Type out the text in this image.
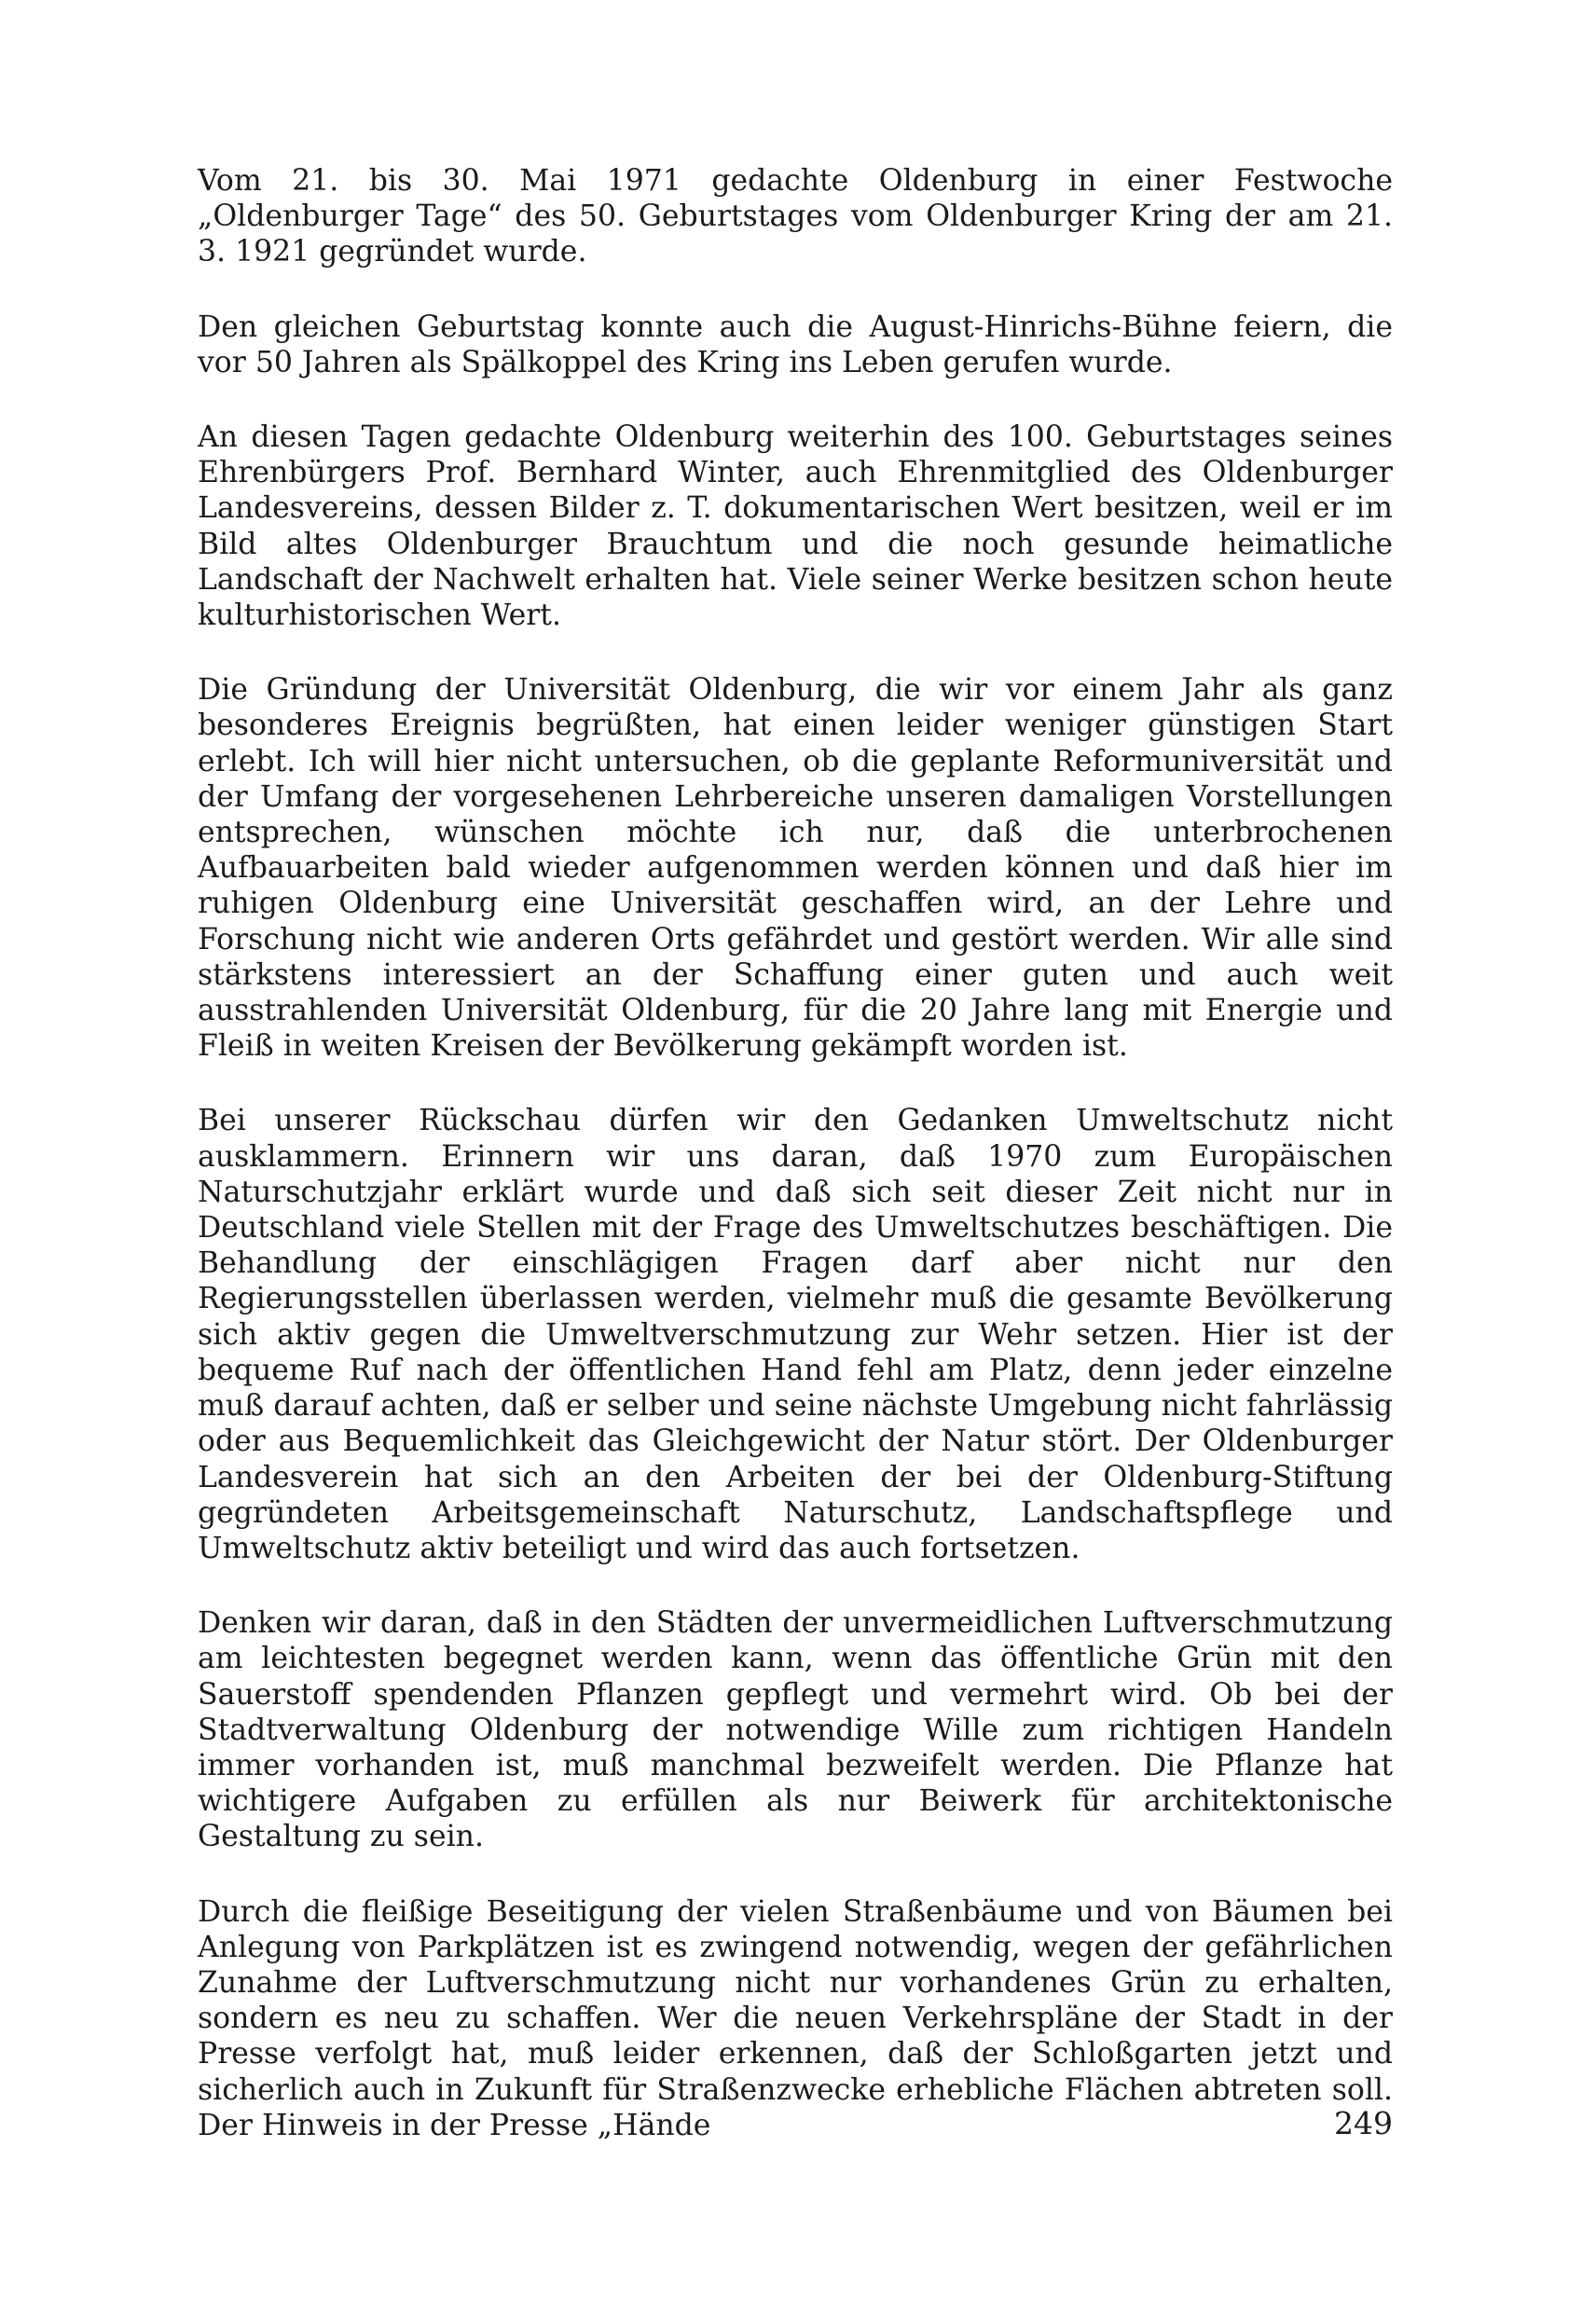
Vom 21. bis 30. Mai 1971 gedachte Oldenburg in einer Festwoche „Oldenburger Tage“ des 50. Geburtstages vom Oldenburger Kring der am 21. 3. 1921 gegründet wurde.

Den gleichen Geburtstag konnte auch die August-Hinrichs-Bühne feiern, die vor 50 Jahren als Spälkoppel des Kring ins Leben gerufen wurde.

An diesen Tagen gedachte Oldenburg weiterhin des 100. Geburtstages seines Ehrenbürgers Prof. Bernhard Winter, auch Ehrenmitglied des Oldenburger Landesvereins, dessen Bilder z. T. dokumentarischen Wert besitzen, weil er im Bild altes Oldenburger Brauchtum und die noch gesunde heimatliche Landschaft der Nachwelt erhalten hat. Viele seiner Werke besitzen schon heute kulturhistorischen Wert.

Die Gründung der Universität Oldenburg, die wir vor einem Jahr als ganz besonderes Ereignis begrüßten, hat einen leider weniger günstigen Start erlebt. Ich will hier nicht untersuchen, ob die geplante Reformuniversität und der Umfang der vorgesehenen Lehrbereiche unseren damaligen Vorstellungen entsprechen, wünschen möchte ich nur, daß die unterbrochenen Aufbauarbeiten bald wieder aufgenommen werden können und daß hier im ruhigen Oldenburg eine Universität geschaffen wird, an der Lehre und Forschung nicht wie anderen Orts gefährdet und gestört werden. Wir alle sind stärkstens interessiert an der Schaffung einer guten und auch weit ausstrahlenden Universität Oldenburg, für die 20 Jahre lang mit Energie und Fleiß in weiten Kreisen der Bevölkerung gekämpft worden ist.

Bei unserer Rückschau dürfen wir den Gedanken Umweltschutz nicht ausklammern. Erinnern wir uns daran, daß 1970 zum Europäischen Naturschutzjahr erklärt wurde und daß sich seit dieser Zeit nicht nur in Deutschland viele Stellen mit der Frage des Umweltschutzes beschäftigen. Die Behandlung der einschlägigen Fragen darf aber nicht nur den Regierungsstellen überlassen werden, vielmehr muß die gesamte Bevölkerung sich aktiv gegen die Umweltverschmutzung zur Wehr setzen. Hier ist der bequeme Ruf nach der öffentlichen Hand fehl am Platz, denn jeder einzelne muß darauf achten, daß er selber und seine nächste Umgebung nicht fahrlässig oder aus Bequemlichkeit das Gleichgewicht der Natur stört. Der Oldenburger Landesverein hat sich an den Arbeiten der bei der Oldenburg-Stiftung gegründeten Arbeitsgemeinschaft Naturschutz, Landschaftspflege und Umweltschutz aktiv beteiligt und wird das auch fortsetzen.

Denken wir daran, daß in den Städten der unvermeidlichen Luftverschmutzung am leichtesten begegnet werden kann, wenn das öffentliche Grün mit den Sauerstoff spendenden Pflanzen gepflegt und vermehrt wird. Ob bei der Stadtverwaltung Oldenburg der notwendige Wille zum richtigen Handeln immer vorhanden ist, muß manchmal bezweifelt werden. Die Pflanze hat wichtigere Aufgaben zu erfüllen als nur Beiwerk für architektonische Gestaltung zu sein.

Durch die fleißige Beseitigung der vielen Straßenbäume und von Bäumen bei Anlegung von Parkplätzen ist es zwingend notwendig, wegen der gefährlichen Zunahme der Luftverschmutzung nicht nur vorhandenes Grün zu erhalten, sondern es neu zu schaffen. Wer die neuen Verkehrspläne der Stadt in der Presse verfolgt hat, muß leider erkennen, daß der Schloßgarten jetzt und sicherlich auch in Zukunft für Straßenzwecke erhebliche Flächen abtreten soll. Der Hinweis in der Presse „Hände	249
